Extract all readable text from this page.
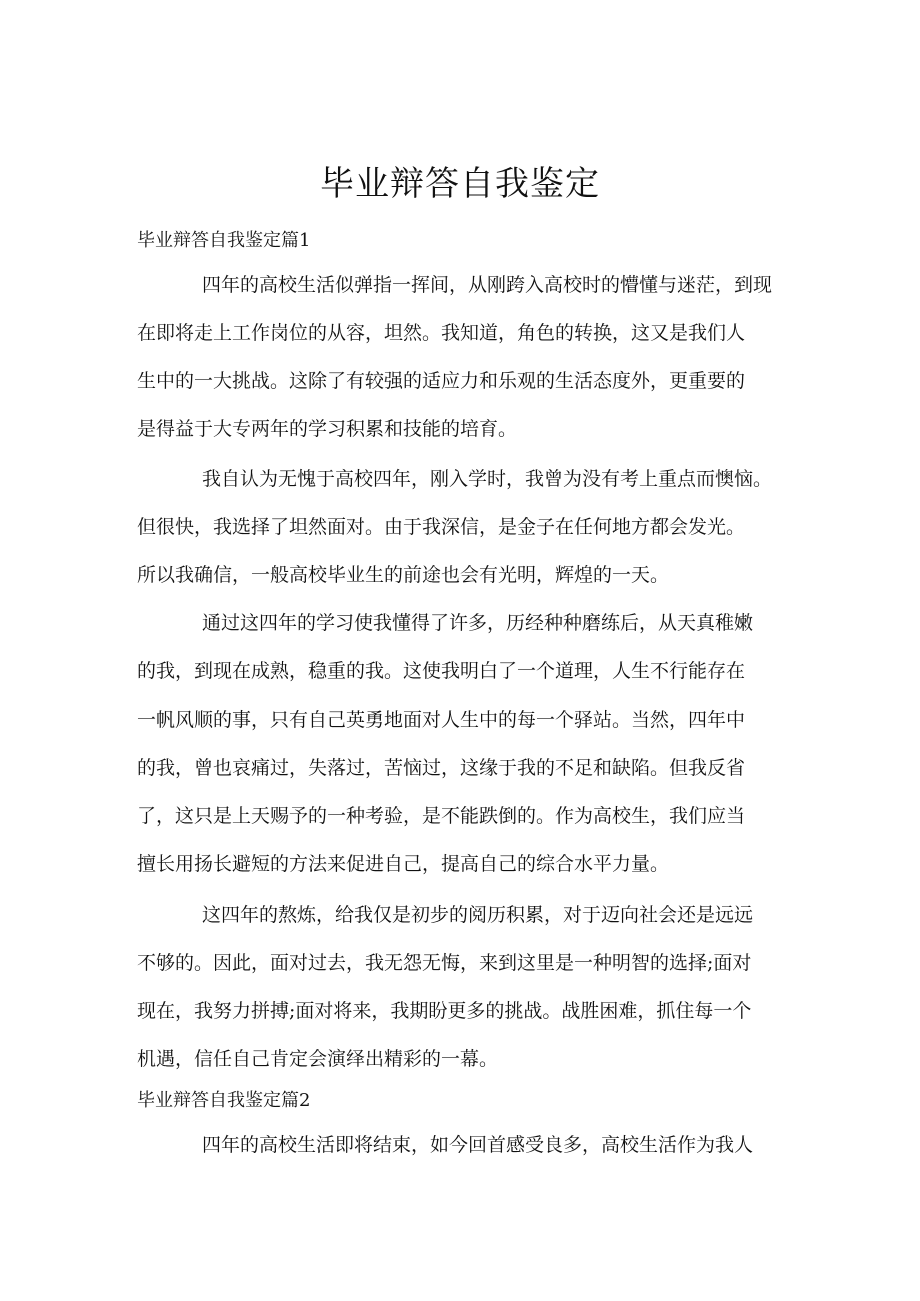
毕业辩答自我鉴定
毕业辩答自我鉴定篇1
四年的高校生活似弹指一挥间，从刚跨入高校时的懵懂与迷茫，到现
在即将走上工作岗位的从容，坦然。我知道，角色的转换，这又是我们人
生中的一大挑战。这除了有较强的适应力和乐观的生活态度外，更重要的
是得益于大专两年的学习积累和技能的培育。
我自认为无愧于高校四年，刚入学时，我曾为没有考上重点而懊恼。
但很快，我选择了坦然面对。由于我深信，是金子在任何地方都会发光。
所以我确信，一般高校毕业生的前途也会有光明，辉煌的一天。
通过这四年的学习使我懂得了许多，历经种种磨练后，从天真稚嫩
的我，到现在成熟，稳重的我。这使我明白了一个道理，人生不行能存在
一帆风顺的事，只有自己英勇地面对人生中的每一个驿站。当然，四年中
的我，曾也哀痛过，失落过，苦恼过，这缘于我的不足和缺陷。但我反省
了，这只是上天赐予的一种考验，是不能跌倒的。作为高校生，我们应当
擅长用扬长避短的方法来促进自己，提高自己的综合水平力量。
这四年的熬炼，给我仅是初步的阅历积累，对于迈向社会还是远远
不够的。因此，面对过去，我无怨无悔，来到这里是一种明智的选择;面对
现在，我努力拼搏;面对将来，我期盼更多的挑战。战胜困难，抓住每一个
机遇，信任自己肯定会演绎出精彩的一幕。
毕业辩答自我鉴定篇2
四年的高校生活即将结束，如今回首感受良多，高校生活作为我人
